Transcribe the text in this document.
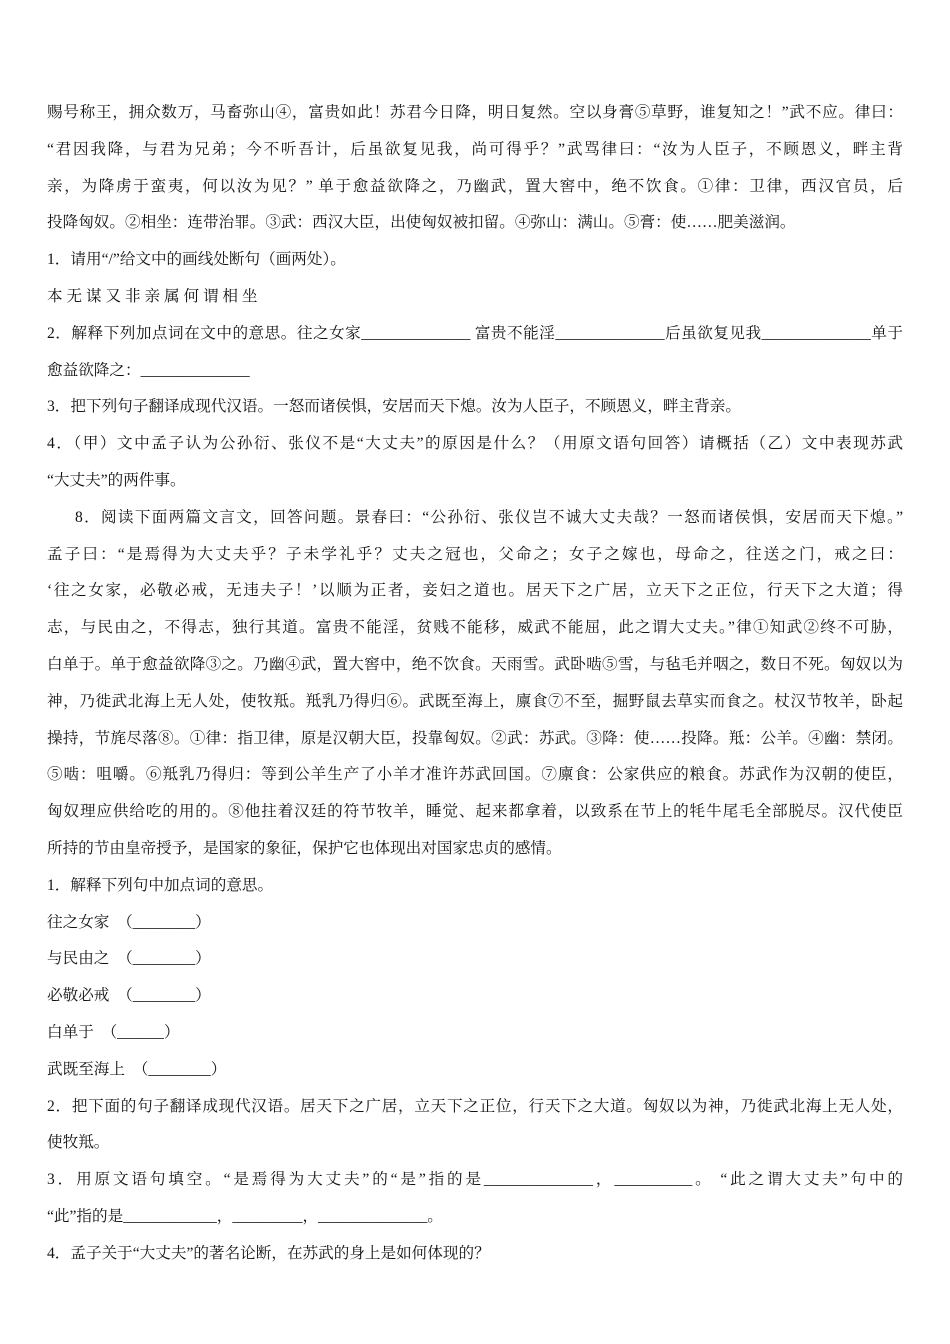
赐号称王，拥众数万，马畜弥山④，富贵如此！苏君今日降，明日复然。空以身膏⑤草野，谁复知之！”武不应。律曰：
“君因我降，与君为兄弟；今不听吾计，后虽欲复见我，尚可得乎？”武骂律曰：“汝为人臣子，不顾恩义，畔主背
亲，为降虏于蛮夷，何以汝为见？” 单于愈益欲降之，乃幽武，置大窖中，绝不饮食。①律：卫律，西汉官员，后
投降匈奴。②相坐：连带治罪。③武：西汉大臣，出使匈奴被扣留。④弥山：满山。⑤膏：使……肥美滋润。
1．请用“/”给文中的画线处断句（画两处）。
本 无 谋 又 非 亲 属 何 谓 相 坐
2．解释下列加点词在文中的意思。往之女家______________ 富贵不能淫______________后虽欲复见我______________单于
愈益欲降之：______________
3．把下列句子翻译成现代汉语。一怒而诸侯惧，安居而天下熄。汝为人臣子，不顾恩义，畔主背亲。
4．（甲）文中孟子认为公孙衍、张仪不是“大丈夫”的原因是什么？（用原文语句回答）请概括（乙）文中表现苏武
“大丈夫”的两件事。
8．阅读下面两篇文言文，回答问题。景春曰：“公孙衍、张仪岂不诚大丈夫哉？一怒而诸侯惧，安居而天下熄。”
孟子曰：“是焉得为大丈夫乎？子未学礼乎？丈夫之冠也，父命之；女子之嫁也，母命之，往送之门，戒之曰：
‘往之女家，必敬必戒，无违夫子！’以顺为正者，妾妇之道也。居天下之广居，立天下之正位，行天下之大道；得
志，与民由之，不得志，独行其道。富贵不能淫，贫贱不能移，威武不能屈，此之谓大丈夫。”律①知武②终不可胁，
白单于。单于愈益欲降③之。乃幽④武，置大窖中，绝不饮食。天雨雪。武卧啮⑤雪，与毡毛并咽之，数日不死。匈奴以为
神，乃徙武北海上无人处，使牧羝。羝乳乃得归⑥。武既至海上，廪食⑦不至，掘野鼠去草实而食之。杖汉节牧羊，卧起
操持，节旄尽落⑧。①律：指卫律，原是汉朝大臣，投靠匈奴。②武：苏武。③降：使……投降。羝：公羊。④幽：禁闭。
⑤啮：咀嚼。⑥羝乳乃得归：等到公羊生产了小羊才准许苏武回国。⑦廪食：公家供应的粮食。苏武作为汉朝的使臣，
匈奴理应供给吃的用的。⑧他拄着汉廷的符节牧羊，睡觉、起来都拿着，以致系在节上的牦牛尾毛全部脱尽。汉代使臣
所持的节由皇帝授予，是国家的象征，保护它也体现出对国家忠贞的感情。
1．解释下列句中加点词的意思。
往之女家　（________）
与民由之　（________）
必敬必戒　（________）
白单于　（______）
武既至海上　（________）
2．把下面的句子翻译成现代汉语。居天下之广居，立天下之正位，行天下之大道。匈奴以为神，乃徙武北海上无人处，
使牧羝。
3．用原文语句填空。“是焉得为大丈夫”的“是”指的是______________，__________。 “此之谓大丈夫”句中的
“此”指的是____________，_________，______________。
4．孟子关于“大丈夫”的著名论断，在苏武的身上是如何体现的？
